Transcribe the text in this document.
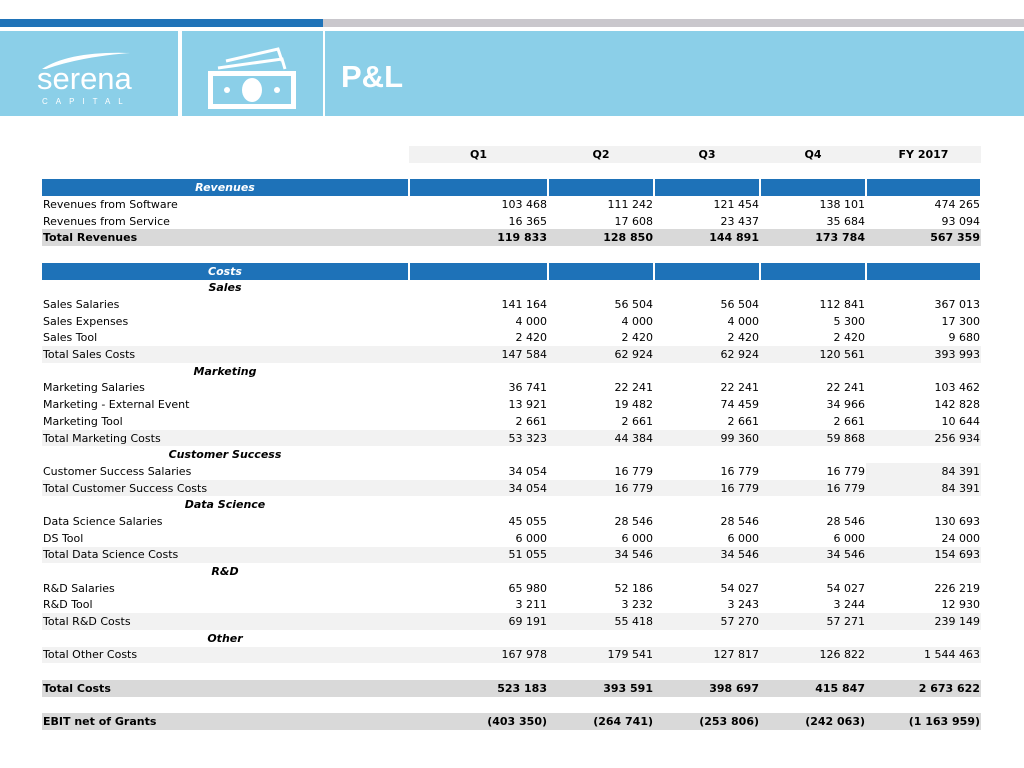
serena
CAPITAL
P&L
	Q1	Q2	Q3	Q4	FY 2017

Revenues					
Revenues from Software	103 468	111 242	121 454	138 101	474 265
Revenues from Service	16 365	17 608	23 437	35 684	93 094
Total Revenues	119 833	128 850	144 891	173 784	567 359

Costs					
Sales					
Sales Salaries	141 164	56 504	56 504	112 841	367 013
Sales Expenses	4 000	4 000	4 000	5 300	17 300
Sales Tool	2 420	2 420	2 420	2 420	9 680
Total Sales Costs	147 584	62 924	62 924	120 561	393 993
Marketing					
Marketing Salaries	36 741	22 241	22 241	22 241	103 462
Marketing - External Event	13 921	19 482	74 459	34 966	142 828
Marketing Tool	2 661	2 661	2 661	2 661	10 644
Total Marketing Costs	53 323	44 384	99 360	59 868	256 934
Customer Success					
Customer Success Salaries	34 054	16 779	16 779	16 779	84 391
Total Customer Success Costs	34 054	16 779	16 779	16 779	84 391
Data Science					
Data Science Salaries	45 055	28 546	28 546	28 546	130 693
DS Tool	6 000	6 000	6 000	6 000	24 000
Total Data Science Costs	51 055	34 546	34 546	34 546	154 693
R&D					
R&D Salaries	65 980	52 186	54 027	54 027	226 219
R&D Tool	3 211	3 232	3 243	3 244	12 930
Total R&D Costs	69 191	55 418	57 270	57 271	239 149
Other					
Total Other Costs	167 978	179 541	127 817	126 822	1 544 463

Total Costs	523 183	393 591	398 697	415 847	2 673 622

EBIT net of Grants	(403 350)	(264 741)	(253 806)	(242 063)	(1 163 959)
